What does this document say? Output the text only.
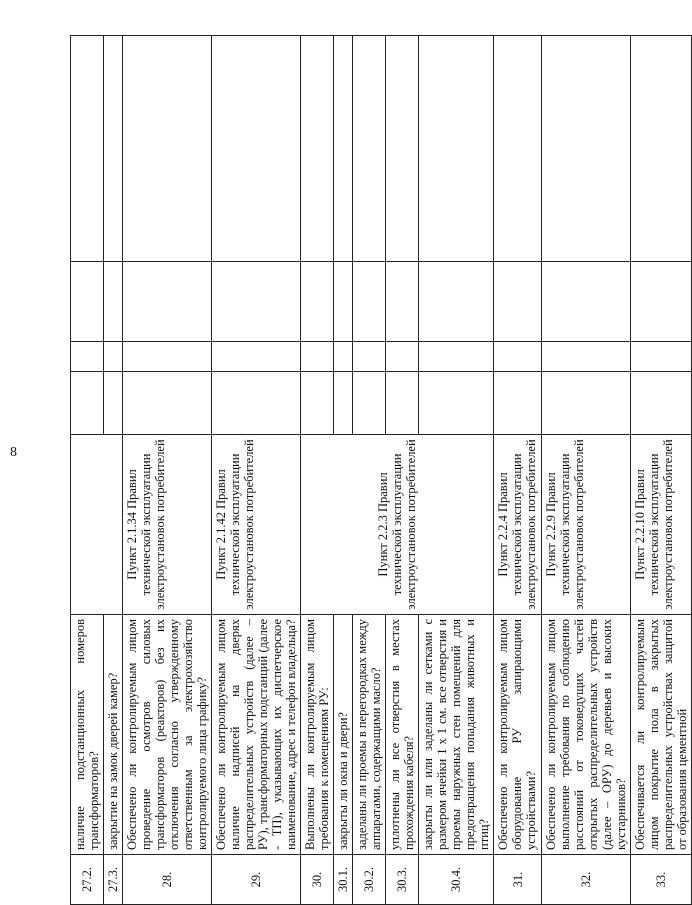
8
27.2.	наличие подстанционных номеров трансформаторов?					
27.3.	закрытие на замок дверей камер?					
28.	Обеспечено ли контролируемым лицом проведение осмотров силовых трансформаторов (реакторов) без их отключения согласно утвержденному ответственным за электрохозяйство контролируемого лица графику?	Пункт 2.1.34 Правил технической эксплуатации электроустановок потребителей				
29.	Обеспечено ли контролируемым лицом наличие надписей на дверях распределительных устройств (далее – РУ), трансформаторных подстанций (далее - ТП), указывающих их диспетчерское наименование, адрес и телефон владельца?	Пункт 2.1.42 Правил технической эксплуатации электроустановок потребителей				
30.	Выполнены ли контролируемым лицом требования к помещениям РУ:	Пункт 2.2.3 Правил технической эксплуатации электроустановок потребителей				
30.1.	закрыты ли окна и двери?					
30.2.	заделаны ли проемы в перегородках между аппаратами, содержащими масло?					
30.3.	уплотнены ли все отверстия в местах прохождения кабеля?					
30.4.	закрыты ли или заделаны ли сетками с размером ячейки 1 x 1 см. все отверстия и проемы наружных стен помещений для предотвращения попадания животных и птиц?					
31.	Обеспечено ли контролируемым лицом оборудование РУ запирающими устройствами?	Пункт 2.2.4 Правил технической эксплуатации электроустановок потребителей				
32.	Обеспечено ли контролируемым лицом выполнение требования по соблюдению расстояний от токоведущих частей открытых распределительных устройств (далее – ОРУ) до деревьев и высоких кустарников?	Пункт 2.2.9 Правил технической эксплуатации электроустановок потребителей				
33.	Обеспечивается ли контролируемым лицом покрытие пола в закрытых распределительных устройствах защитой от образования цементной	Пункт 2.2.10 Правил технической эксплуатации электроустановок потребителей				
